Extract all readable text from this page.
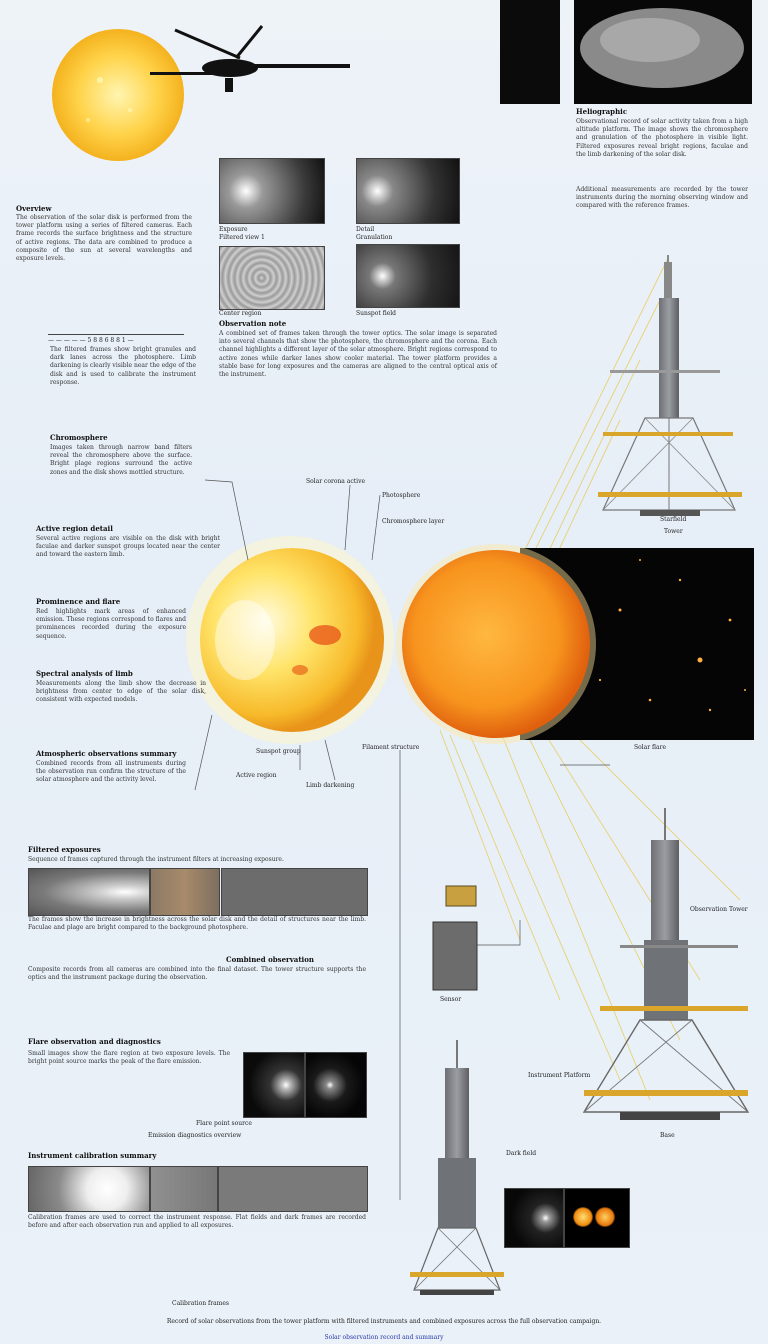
Heliographic
Observational record of solar activity taken from a high altitude platform. The image shows the chromosphere and granulation of the photosphere in visible light. Filtered exposures reveal bright regions, faculae and the limb darkening of the solar disk.
Additional measurements are recorded by the tower instruments during the morning observing window and compared with the reference frames.
Exposure
Filtered view 1
Detail
Granulation
Sunspot field
Center region
Observation note
A combined set of frames taken through the tower optics. The solar image is separated into several channels that show the photosphere, the chromosphere and the corona. Each channel highlights a different layer of the solar atmosphere. Bright regions correspond to active zones while darker lanes show cooler material. The tower platform provides a stable base for long exposures and the cameras are aligned to the central optical axis of the instrument.
Overview
The observation of the solar disk is performed from the tower platform using a series of filtered cameras. Each frame records the surface brightness and the structure of active regions. The data are combined to produce a composite of the sun at several wavelengths and exposure levels.
— — — — — 5 8 8 6 8 8 1 —
The filtered frames show bright granules and dark lanes across the photosphere. Limb darkening is clearly visible near the edge of the disk and is used to calibrate the instrument response.
Chromosphere
Images taken through narrow band filters reveal the chromosphere above the surface. Bright plage regions surround the active zones and the disk shows mottled structure.
Active region detail
Several active regions are visible on the disk with bright faculae and darker sunspot groups located near the center and toward the eastern limb.
Prominence and flare
Red highlights mark areas of enhanced emission. These regions correspond to flares and prominences recorded during the exposure sequence.
Spectral analysis of limb
Measurements along the limb show the decrease in brightness from center to edge of the solar disk, consistent with expected models.
Atmospheric observations summary
Combined records from all instruments during the observation run confirm the structure of the solar atmosphere and the activity level.
Solar corona active
Photosphere
Chromosphere layer
Sunspot group
Active region
Limb darkening
Filament structure	Solar flare
Starfield
Filtered exposures
Sequence of frames captured through the instrument filters at increasing exposure.
The frames show the increase in brightness across the solar disk and the detail of structures near the limb. Faculae and plage are bright compared to the background photosphere.
Combined observation
Composite records from all cameras are combined into the final dataset. The tower structure supports the optics and the instrument package during the observation.
Flare observation and diagnostics
Small images show the flare region at two exposure levels. The bright point source marks the peak of the flare emission.
Flare point source
Emission diagnostics overview
Instrument calibration summary
Calibration frames are used to correct the instrument response. Flat fields and dark frames are recorded before and after each observation run and applied to all exposures.
Calibration frames
Dark field
Sensor
Tower
Observation Tower
Instrument Platform
Base
Record of solar observations from the tower platform with filtered instruments and combined exposures across the full observation campaign.
Solar observation record and summary
